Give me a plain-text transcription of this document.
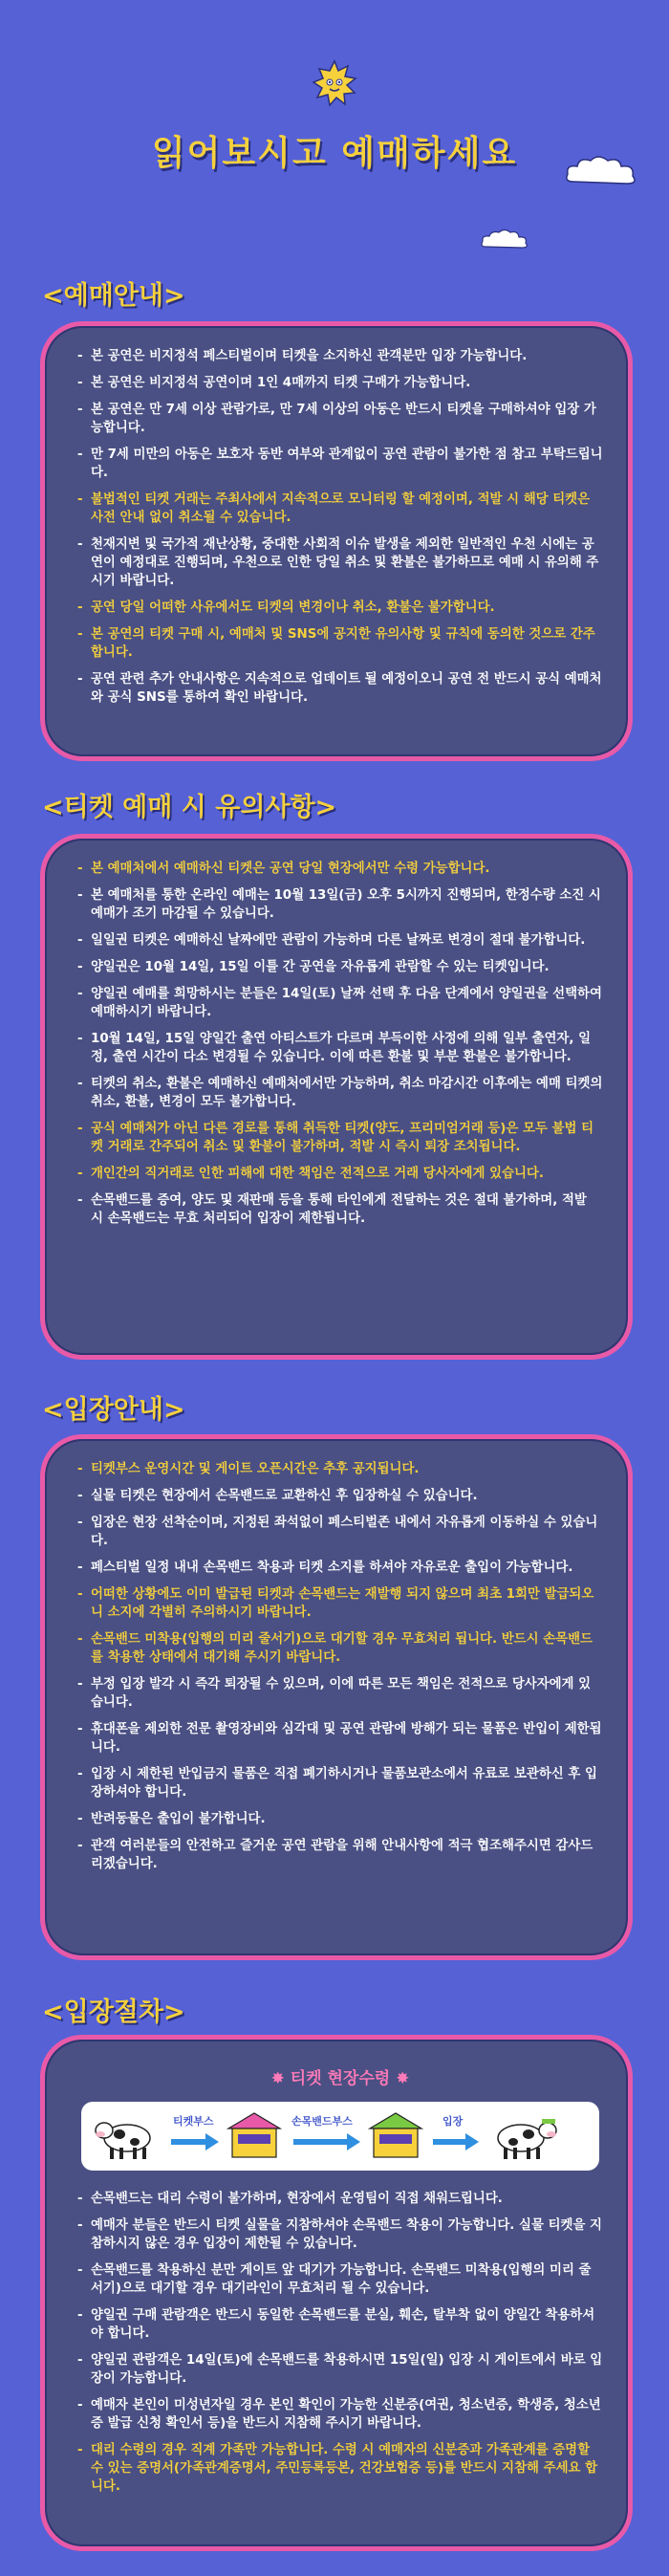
읽어보시고 예매하세요
<예매안내>
- 본 공연은 비지정석 페스티벌이며 티켓을 소지하신 관객분만 입장 가능합니다.
- 본 공연은 비지정석 공연이며 1인 4매까지 티켓 구매가 가능합니다.
- 본 공연은 만 7세 이상 관람가로, 만 7세 이상의 아동은 반드시 티켓을 구매하셔야 입장 가능합니다.
- 만 7세 미만의 아동은 보호자 동반 여부와 관계없이 공연 관람이 불가한 점 참고 부탁드립니다.
- 불법적인 티켓 거래는 주최사에서 지속적으로 모니터링 할 예정이며, 적발 시 해당 티켓은 사전 안내 없이 취소될 수 있습니다.
- 천재지변 및 국가적 재난상황, 중대한 사회적 이슈 발생을 제외한 일반적인 우천 시에는 공연이 예정대로 진행되며, 우천으로 인한 당일 취소 및 환불은 불가하므로 예매 시 유의해 주시기 바랍니다.
- 공연 당일 어떠한 사유에서도 티켓의 변경이나 취소, 환불은 불가합니다.
- 본 공연의 티켓 구매 시, 예매처 및 SNS에 공지한 유의사항 및 규칙에 동의한 것으로 간주합니다.
- 공연 관련 추가 안내사항은 지속적으로 업데이트 될 예정이오니 공연 전 반드시 공식 예매처와 공식 SNS를 통하여 확인 바랍니다.
<티켓 예매 시 유의사항>
- 본 예매처에서 예매하신 티켓은 공연 당일 현장에서만 수령 가능합니다.
- 본 예매처를 통한 온라인 예매는 10월 13일(금) 오후 5시까지 진행되며, 한정수량 소진 시 예매가 조기 마감될 수 있습니다.
- 일일권 티켓은 예매하신 날짜에만 관람이 가능하며 다른 날짜로 변경이 절대 불가합니다.
- 양일권은 10월 14일, 15일 이틀 간 공연을 자유롭게 관람할 수 있는 티켓입니다.
- 양일권 예매를 희망하시는 분들은 14일(토) 날짜 선택 후 다음 단계에서 양일권을 선택하여 예매하시기 바랍니다.
- 10월 14일, 15일 양일간 출연 아티스트가 다르며 부득이한 사정에 의해 일부 출연자, 일정, 출연 시간이 다소 변경될 수 있습니다. 이에 따른 환불 및 부분 환불은 불가합니다.
- 티켓의 취소, 환불은 예매하신 예매처에서만 가능하며, 취소 마감시간 이후에는 예매 티켓의 취소, 환불, 변경이 모두 불가합니다.
- 공식 예매처가 아닌 다른 경로를 통해 취득한 티켓(양도, 프리미엄거래 등)은 모두 불법 티켓 거래로 간주되어 취소 및 환불이 불가하며, 적발 시 즉시 퇴장 조치됩니다.
- 개인간의 직거래로 인한 피해에 대한 책임은 전적으로 거래 당사자에게 있습니다.
- 손목밴드를 증여, 양도 및 재판매 등을 통해 타인에게 전달하는 것은 절대 불가하며, 적발 시 손목밴드는 무효 처리되어 입장이 제한됩니다.
<입장안내>
- 티켓부스 운영시간 및 게이트 오픈시간은 추후 공지됩니다.
- 실물 티켓은 현장에서 손목밴드로 교환하신 후 입장하실 수 있습니다.
- 입장은 현장 선착순이며, 지정된 좌석없이 페스티벌존 내에서 자유롭게 이동하실 수 있습니다.
- 페스티벌 일정 내내 손목밴드 착용과 티켓 소지를 하셔야 자유로운 출입이 가능합니다.
- 어떠한 상황에도 이미 발급된 티켓과 손목밴드는 재발행 되지 않으며 최초 1회만 발급되오니 소지에 각별히 주의하시기 바랍니다.
- 손목밴드 미착용(입행의 미리 줄서기)으로 대기할 경우 무효처리 됩니다. 반드시 손목밴드를 착용한 상태에서 대기해 주시기 바랍니다.
- 부정 입장 발각 시 즉각 퇴장될 수 있으며, 이에 따른 모든 책임은 전적으로 당사자에게 있습니다.
- 휴대폰을 제외한 전문 촬영장비와 심각대 및 공연 관람에 방해가 되는 물품은 반입이 제한됩니다.
- 입장 시 제한된 반입금지 물품은 직접 폐기하시거나 물품보관소에서 유료로 보관하신 후 입장하셔야 합니다.
- 반려동물은 출입이 불가합니다.
- 관객 여러분들의 안전하고 즐거운 공연 관람을 위해 안내사항에 적극 협조해주시면 감사드리겠습니다.
<입장절차>
✸ 티켓 현장수령 ✸
티켓부스	손목밴드부스	입장
- 손목밴드는 대리 수령이 불가하며, 현장에서 운영팀이 직접 채워드립니다.
- 예매자 분들은 반드시 티켓 실물을 지참하셔야 손목밴드 착용이 가능합니다. 실물 티켓을 지참하시지 않은 경우 입장이 제한될 수 있습니다.
- 손목밴드를 착용하신 분만 게이트 앞 대기가 가능합니다. 손목밴드 미착용(입행의 미리 줄서기)으로 대기할 경우 대기라인이 무효처리 될 수 있습니다.
- 양일권 구매 관람객은 반드시 동일한 손목밴드를 분실, 훼손, 탈부착 없이 양일간 착용하셔야 합니다.
- 양일권 관람객은 14일(토)에 손목밴드를 착용하시면 15일(일) 입장 시 게이트에서 바로 입장이 가능합니다.
- 예매자 본인이 미성년자일 경우 본인 확인이 가능한 신분증(여권, 청소년증, 학생증, 청소년증 발급 신청 확인서 등)을 반드시 지참해 주시기 바랍니다.
- 대리 수령의 경우 직계 가족만 가능합니다. 수령 시 예매자의 신분증과 가족관계를 증명할 수 있는 증명서(가족관계증명서, 주민등록등본, 건강보험증 등)를 반드시 지참해 주세요 합니다.
